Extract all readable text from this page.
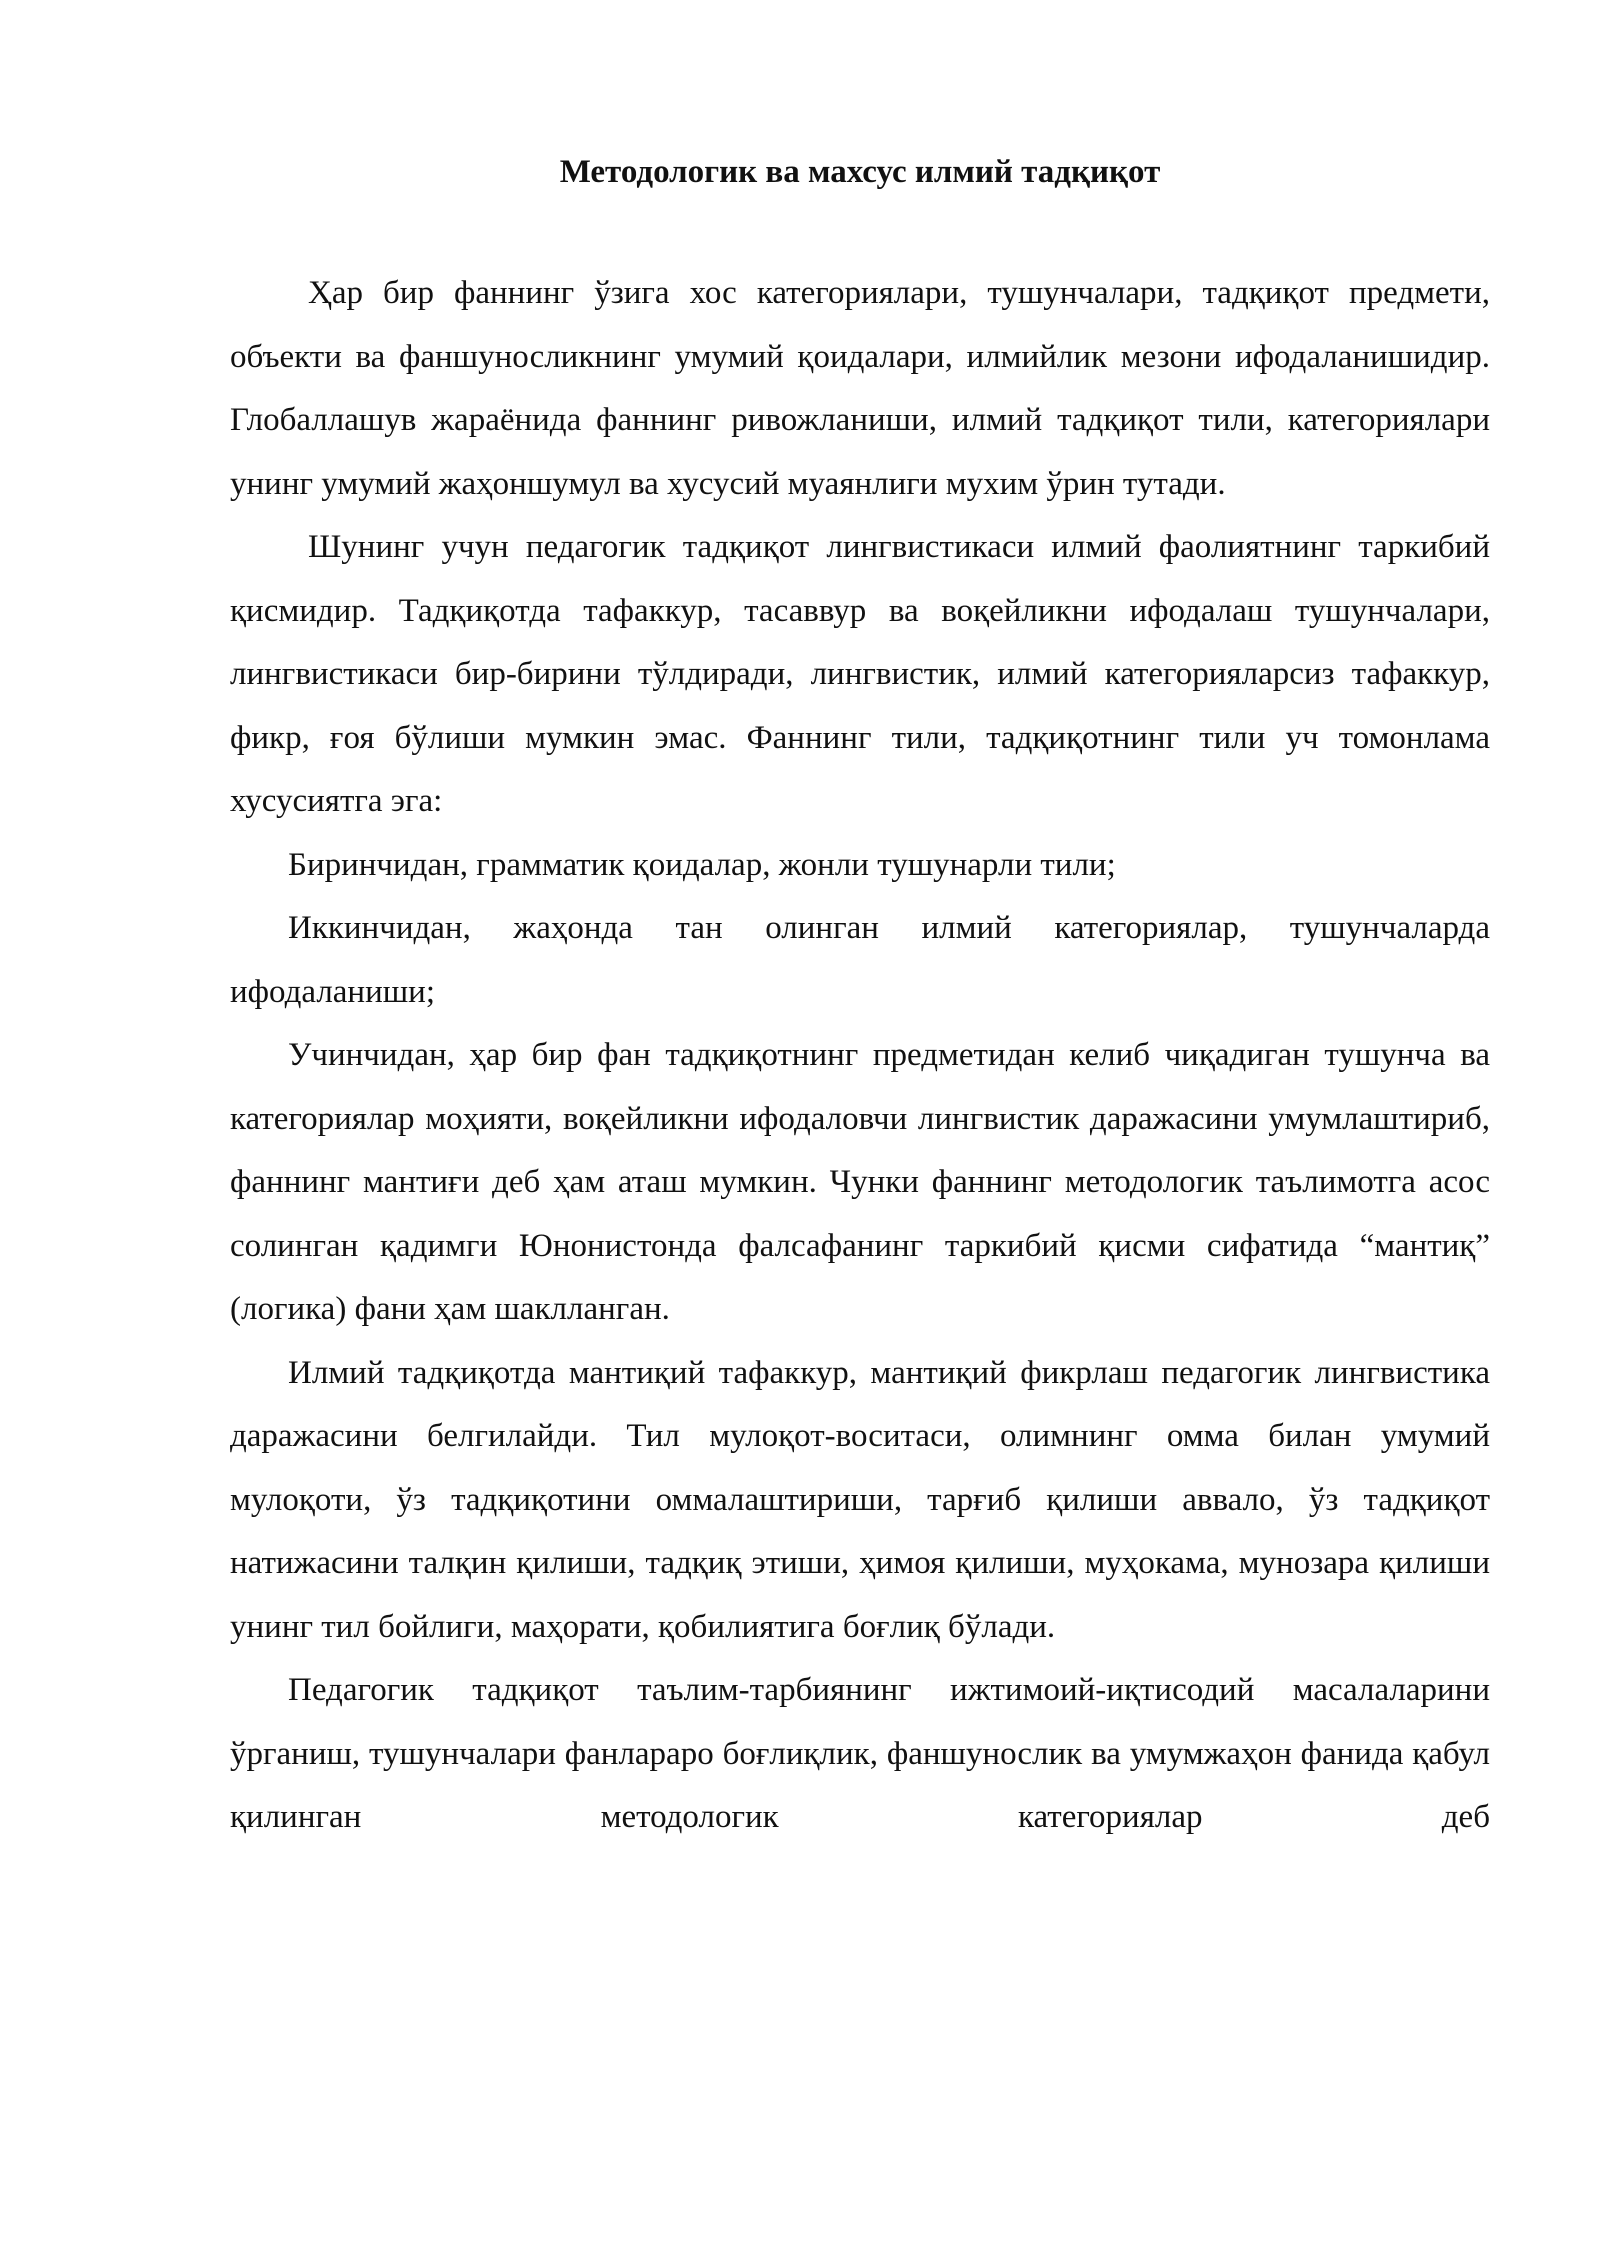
Методологик ва махсус илмий тадқиқот

Ҳар бир фаннинг ўзига хос категориялари, тушунчалари, тадқиқот предмети, объекти ва фаншуносликнинг умумий қоидалари, илмийлик мезони ифодаланишидир. Глобаллашув жараёнида фаннинг ривожланиши, илмий тадқиқот тили, категориялари унинг умумий жаҳоншумул ва хусусий муаянлиги мухим ўрин тутади.

Шунинг учун педагогик тадқиқот лингвистикаси илмий фаолиятнинг таркибий қисмидир. Тадқиқотда тафаккур, тасаввур ва воқейликни ифодалаш тушунчалари, лингвистикаси бир-бирини тўлдиради, лингвистик, илмий категорияларсиз тафаккур, фикр, ғоя бўлиши мумкин эмас. Фаннинг тили, тадқиқотнинг тили уч томонлама хусусиятга эга:

Биринчидан, грамматик қоидалар, жонли тушунарли тили;

Иккинчидан, жаҳонда тан олинган илмий категориялар, тушунчаларда ифодаланиши;

Учинчидан, ҳар бир фан тадқиқотнинг предметидан келиб чиқадиган тушунча ва категориялар моҳияти, воқейликни ифодаловчи лингвистик даражасини умумлаштириб, фаннинг мантиғи деб ҳам аташ мумкин. Чунки фаннинг методологик таълимотга асос солинган қадимги Юнонистонда фалсафанинг таркибий қисми сифатида “мантиқ” (логика) фани ҳам шаклланган.

Илмий тадқиқотда мантиқий тафаккур, мантиқий фикрлаш педагогик лингвистика даражасини белгилайди. Тил мулоқот-воситаси, олимнинг омма билан умумий мулоқоти, ўз тадқиқотини оммалаштириши, тарғиб қилиши аввало, ўз тадқиқот натижасини талқин қилиши, тадқиқ этиши, ҳимоя қилиши, муҳокама, мунозара қилиши унинг тил бойлиги, маҳорати, қобилиятига боғлиқ бўлади.

Педагогик тадқиқот таълим-тарбиянинг ижтимоий-иқтисодий масалаларини ўрганиш, тушунчалари фанлараро боғлиқлик, фаншунослик ва умумжаҳон фанида қабул қилинган методологик категориялар деб
